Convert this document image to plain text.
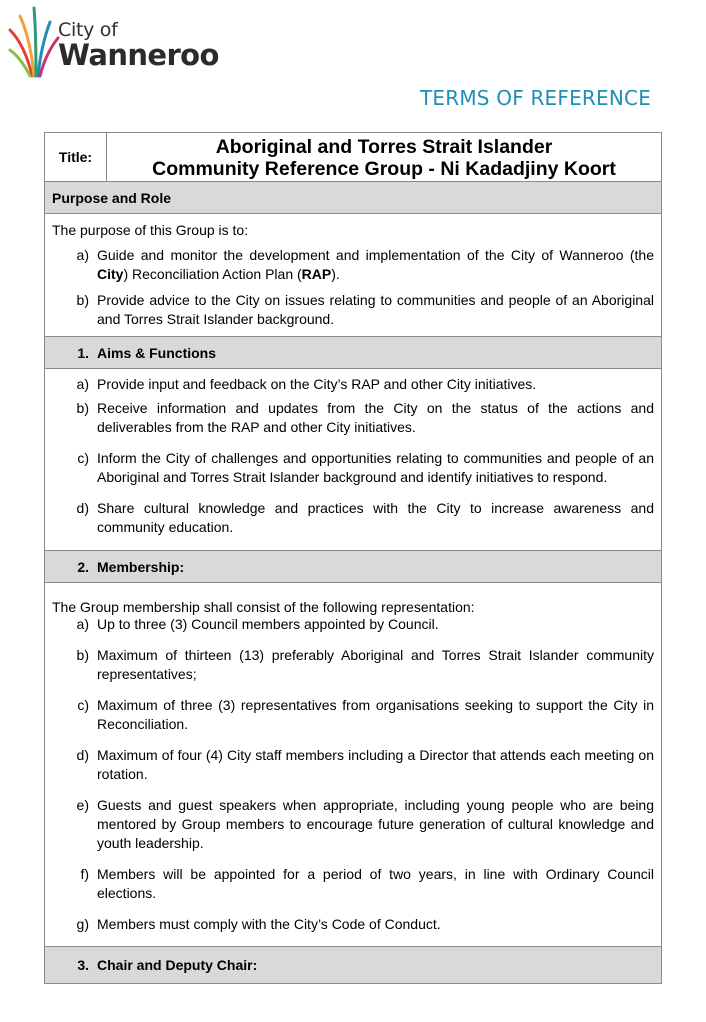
City of
Wanneroo
TERMS OF REFERENCE
Title:	Aboriginal and Torres Strait Islander
Community Reference Group - Ni Kadadjiny Koort
Purpose and Role
The purpose of this Group is to:
a) Guide and monitor the development and implementation of the City of Wanneroo (the City) Reconciliation Action Plan (RAP).
b) Provide advice to the City on issues relating to communities and people of an Aboriginal and Torres Strait Islander background.
1. Aims & Functions
a) Provide input and feedback on the City’s RAP and other City initiatives.
b) Receive information and updates from the City on the status of the actions and deliverables from the RAP and other City initiatives.
c) Inform the City of challenges and opportunities relating to communities and people of an Aboriginal and Torres Strait Islander background and identify initiatives to respond.
d) Share cultural knowledge and practices with the City to increase awareness and community education.
2. Membership:
The Group membership shall consist of the following representation:
a) Up to three (3) Council members appointed by Council.
b) Maximum of thirteen (13) preferably Aboriginal and Torres Strait Islander community representatives;
c) Maximum of three (3) representatives from organisations seeking to support the City in Reconciliation.
d) Maximum of four (4) City staff members including a Director that attends each meeting on rotation.
e) Guests and guest speakers when appropriate, including young people who are being mentored by Group members to encourage future generation of cultural knowledge and youth leadership.
f) Members will be appointed for a period of two years, in line with Ordinary Council elections.
g) Members must comply with the City’s Code of Conduct.
3. Chair and Deputy Chair:
